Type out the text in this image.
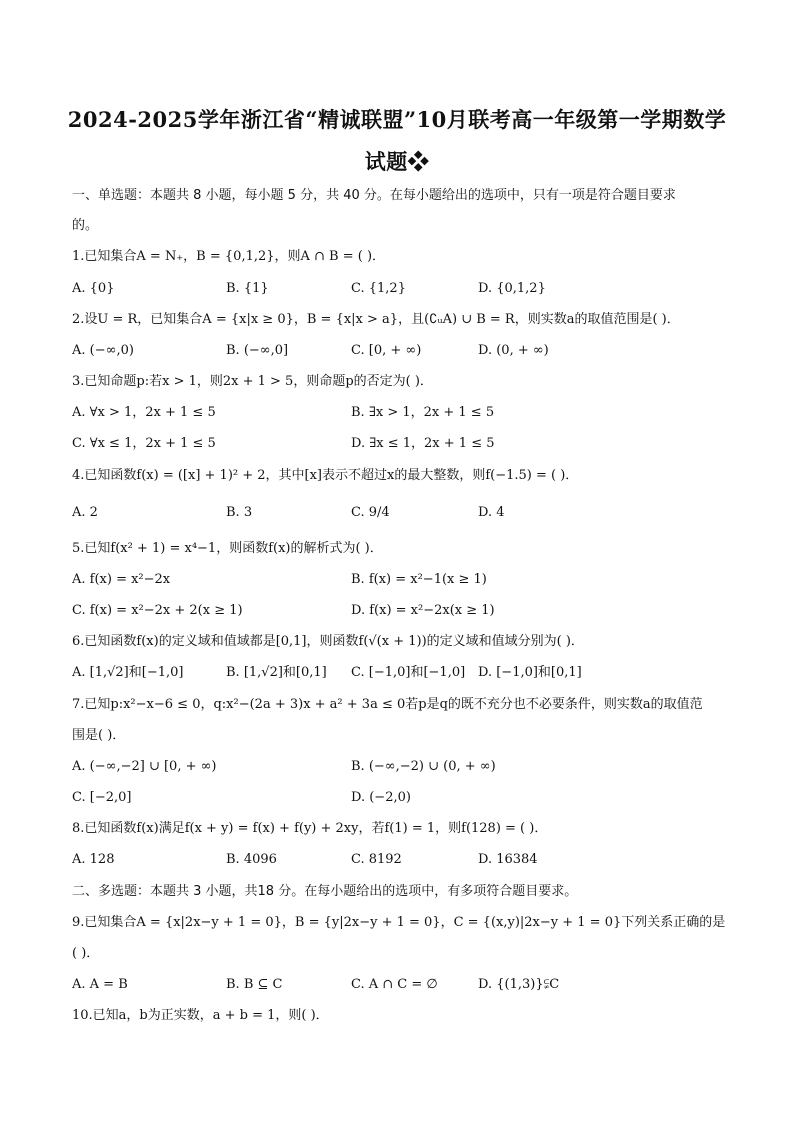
2024-2025学年浙江省“精诚联盟”10月联考高一年级第一学期数学
试题❖
一、单选题：本题共 8 小题，每小题 5 分，共 40 分。在每小题给出的选项中，只有一项是符合题目要求
的。
1.已知集合A = N₊，B = {0,1,2}，则A ∩ B = ( )．
A. {0}	B. {1}	C. {1,2}	D. {0,1,2}
2.设U = R，已知集合A = {x|x ≥ 0}，B = {x|x > a}，且(∁ᵤA) ∪ B = R，则实数a的取值范围是( )．
A. (−∞,0)	B. (−∞,0]	C. [0, + ∞)	D. (0, + ∞)
3.已知命题p:若x > 1，则2x + 1 > 5，则命题p的否定为( )．
A. ∀x > 1，2x + 1 ≤ 5	B. ∃x > 1，2x + 1 ≤ 5
C. ∀x ≤ 1，2x + 1 ≤ 5	D. ∃x ≤ 1，2x + 1 ≤ 5
4.已知函数f(x) = ([x] + 1)² + 2，其中[x]表示不超过x的最大整数，则f(−1.5) = ( )．
A. 2	B. 3	C. 9/4	D. 4
5.已知f(x² + 1) = x⁴−1，则函数f(x)的解析式为( )．
A. f(x) = x²−2x	B. f(x) = x²−1(x ≥ 1)
C. f(x) = x²−2x + 2(x ≥ 1)	D. f(x) = x²−2x(x ≥ 1)
6.已知函数f(x)的定义域和值域都是[0,1]，则函数f(√(x + 1))的定义域和值域分别为( )．
A. [1,√2]和[−1,0]	B. [1,√2]和[0,1] C. [−1,0]和[−1,0] D. [−1,0]和[0,1]
7.已知p:x²−x−6 ≤ 0，q:x²−(2a + 3)x + a² + 3a ≤ 0若p是q的既不充分也不必要条件，则实数a的取值范
围是( )．
A. (−∞,−2] ∪ [0, + ∞)	B. (−∞,−2) ∪ (0, + ∞)
C. [−2,0]	D. (−2,0)
8.已知函数f(x)满足f(x + y) = f(x) + f(y) + 2xy，若f(1) = 1，则f(128) = ( )．
A. 128	B. 4096	C. 8192	D. 16384
二、多选题：本题共 3 小题，共18 分。在每小题给出的选项中，有多项符合题目要求。
9.已知集合A = {x|2x−y + 1 = 0}，B = {y|2x−y + 1 = 0}，C = {(x,y)|2x−y + 1 = 0}下列关系正确的是
( )．
A. A = B	B. B ⊆ C	C. A ∩ C = ∅	D. {(1,3)}⫋C
10.已知a，b为正实数，a + b = 1，则( )．
